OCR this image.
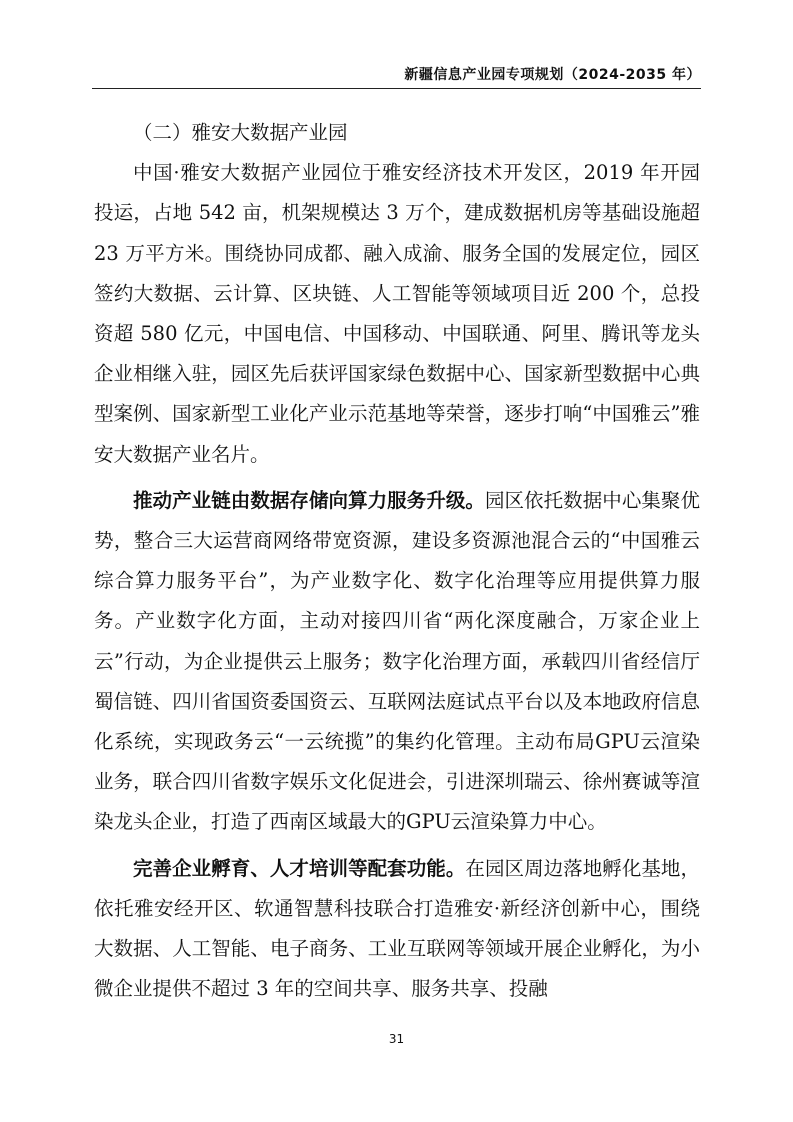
新疆信息产业园专项规划（2024-2035 年）

（二）雅安大数据产业园

中国·雅安大数据产业园位于雅安经济技术开发区，2019 年开园投运，占地 542 亩，机架规模达 3 万个，建成数据机房等基础设施超 23 万平方米。围绕协同成都、融入成渝、服务全国的发展定位，园区签约大数据、云计算、区块链、人工智能等领域项目近 200 个，总投资超 580 亿元，中国电信、中国移动、中国联通、阿里、腾讯等龙头企业相继入驻，园区先后获评国家绿色数据中心、国家新型数据中心典型案例、国家新型工业化产业示范基地等荣誉，逐步打响“中国雅云”雅安大数据产业名片。

推动产业链由数据存储向算力服务升级。园区依托数据中心集聚优势，整合三大运营商网络带宽资源，建设多资源池混合云的“中国雅云综合算力服务平台”，为产业数字化、数字化治理等应用提供算力服务。产业数字化方面，主动对接四川省“两化深度融合，万家企业上云”行动，为企业提供云上服务；数字化治理方面，承载四川省经信厅蜀信链、四川省国资委国资云、互联网法庭试点平台以及本地政府信息化系统，实现政务云“一云统揽”的集约化管理。主动布局GPU云渲染业务，联合四川省数字娱乐文化促进会，引进深圳瑞云、徐州赛诚等渲染龙头企业，打造了西南区域最大的GPU云渲染算力中心。

完善企业孵育、人才培训等配套功能。在园区周边落地孵化基地，依托雅安经开区、软通智慧科技联合打造雅安·新经济创新中心，围绕大数据、人工智能、电子商务、工业互联网等领域开展企业孵化，为小微企业提供不超过 3 年的空间共享、服务共享、投融

31
